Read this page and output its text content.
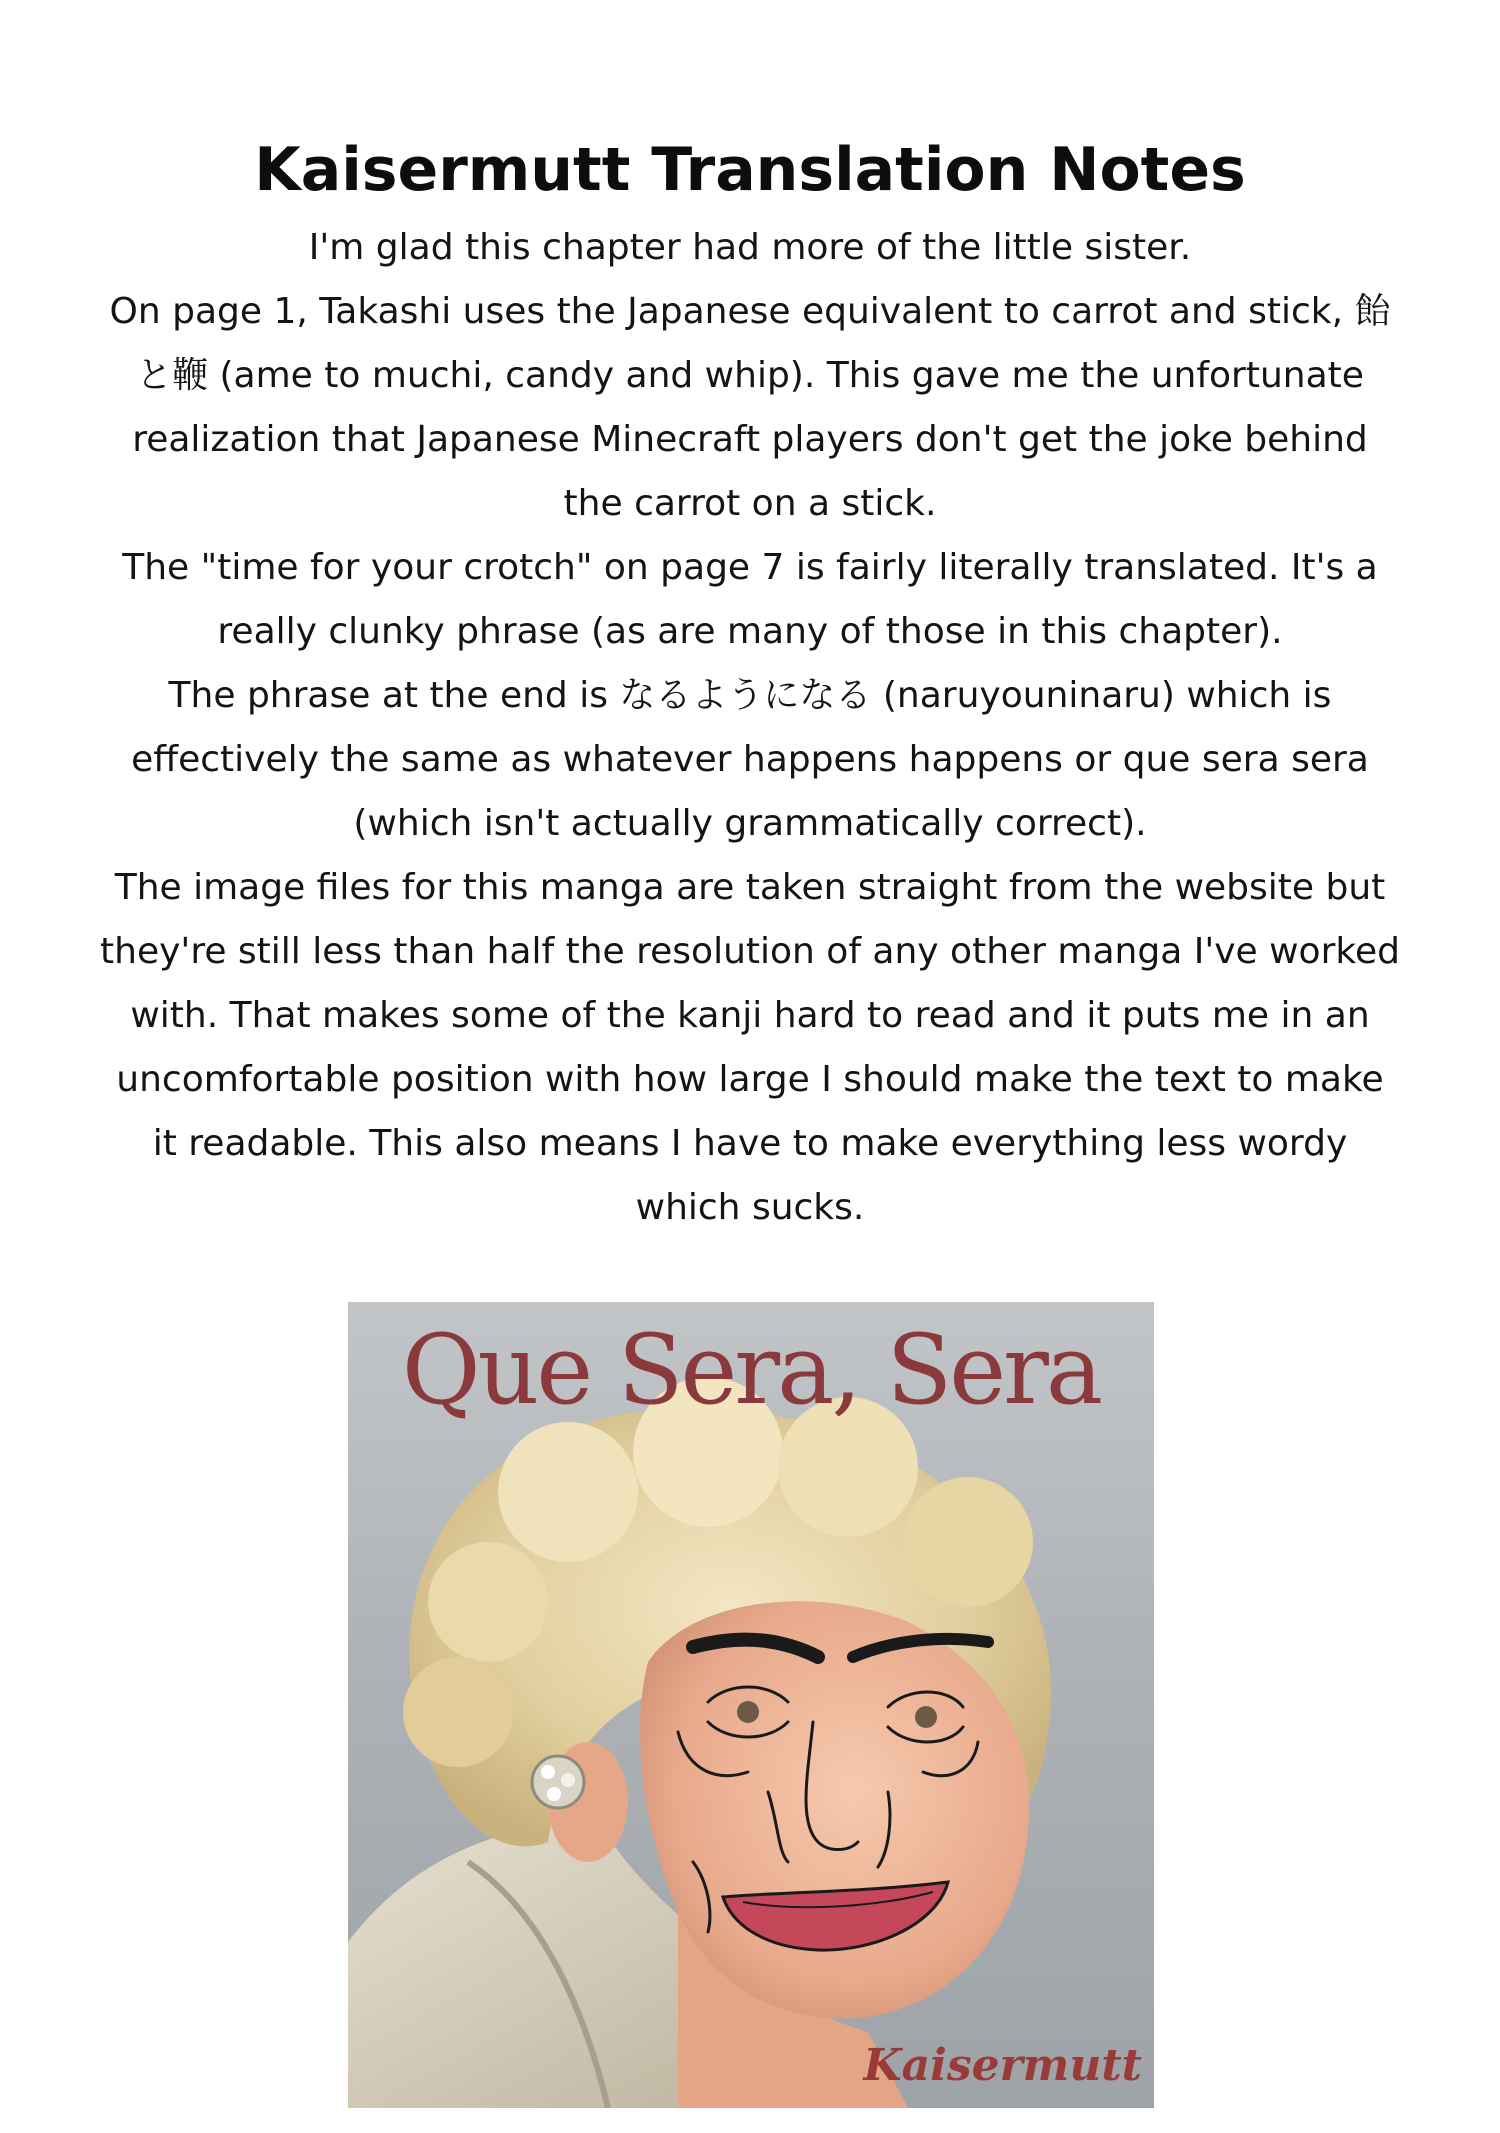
Kaisermutt Translation Notes

I'm glad this chapter had more of the little sister.

On page 1, Takashi uses the Japanese equivalent to carrot and stick, 飴と鞭 (ame to muchi, candy and whip). This gave me the unfortunate realization that Japanese Minecraft players don't get the joke behind the carrot on a stick.

The "time for your crotch" on page 7 is fairly literally translated. It's a really clunky phrase (as are many of those in this chapter).

The phrase at the end is なるようになる (naruyouninaru) which is effectively the same as whatever happens happens or que sera sera (which isn't actually grammatically correct).

The image files for this manga are taken straight from the website but they're still less than half the resolution of any other manga I've worked with. That makes some of the kanji hard to read and it puts me in an uncomfortable position with how large I should make the text to make it readable. This also means I have to make everything less wordy which sucks.

Que Sera, Sera
Kaisermutt
